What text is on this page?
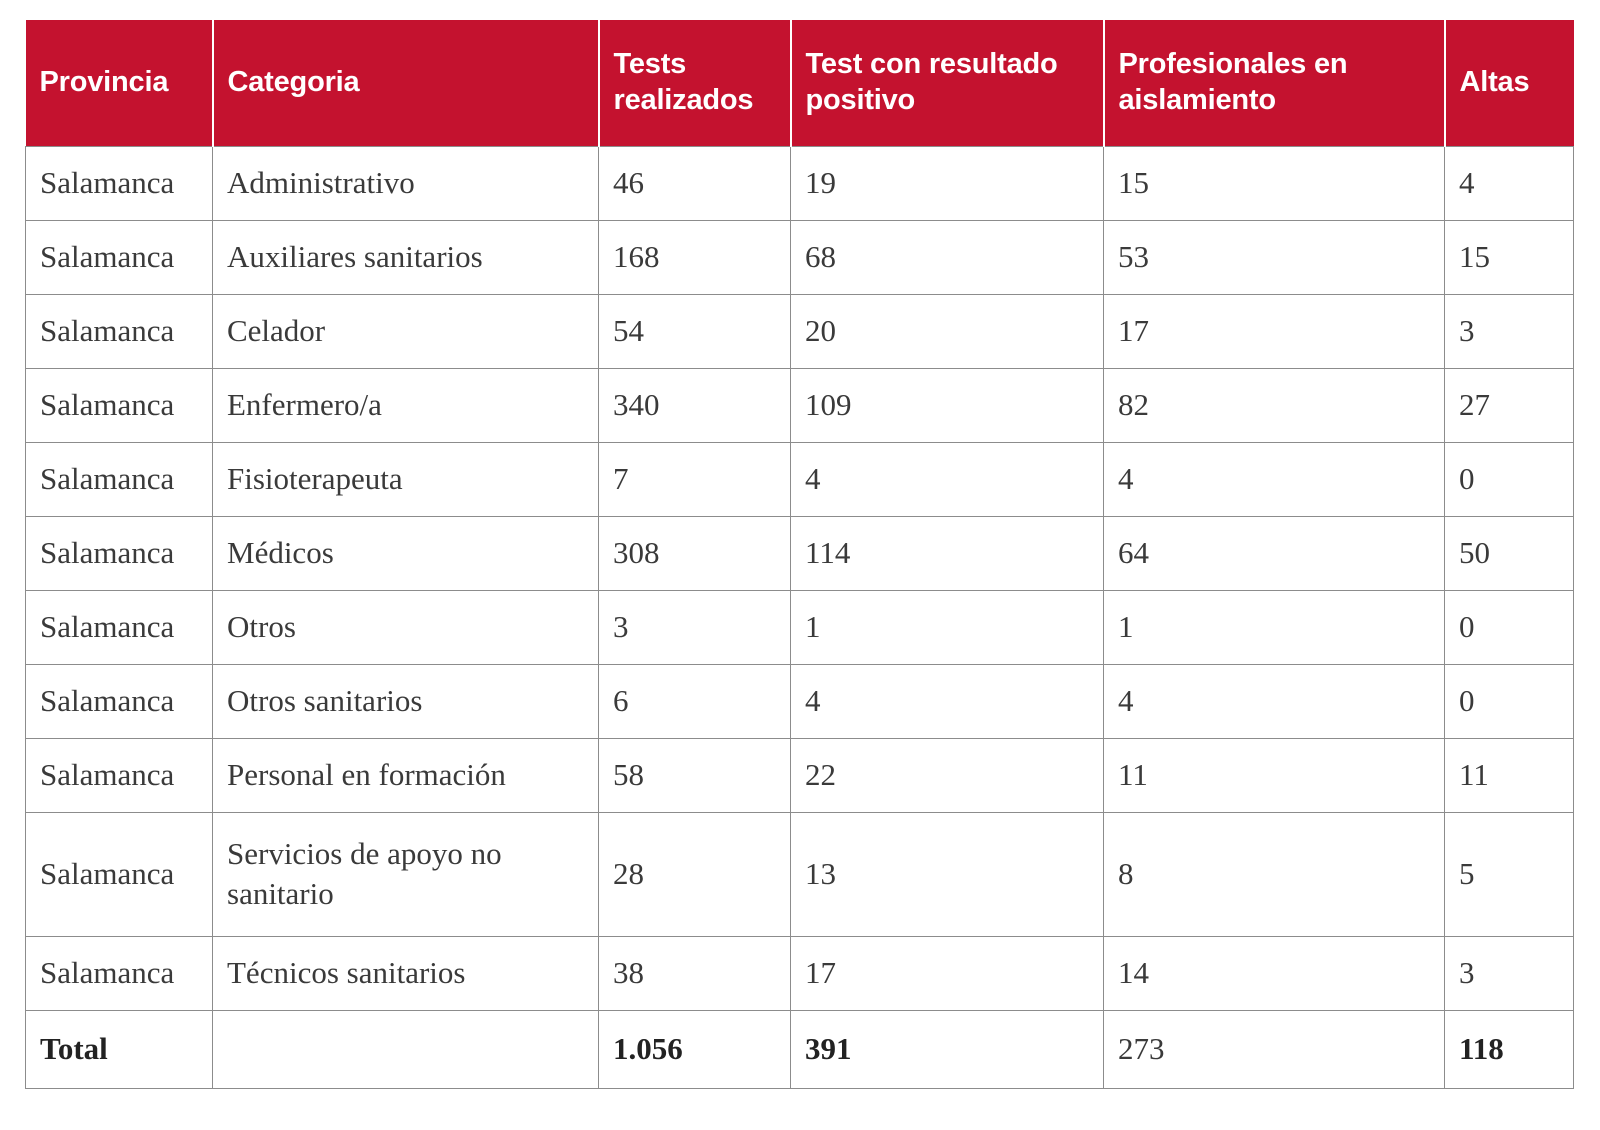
Provincia	Categoria	Tests realizados	Test con resultado positivo	Profesionales en aislamiento	Altas
Salamanca	Administrativo	46	19	15	4
Salamanca	Auxiliares sanitarios	168	68	53	15
Salamanca	Celador	54	20	17	3
Salamanca	Enfermero/a	340	109	82	27
Salamanca	Fisioterapeuta	7	4	4	0
Salamanca	Médicos	308	114	64	50
Salamanca	Otros	3	1	1	0
Salamanca	Otros sanitarios	6	4	4	0
Salamanca	Personal en formación	58	22	11	11
Salamanca	Servicios de apoyo no sanitario	28	13	8	5
Salamanca	Técnicos sanitarios	38	17	14	3
Total		1.056	391	273	118
